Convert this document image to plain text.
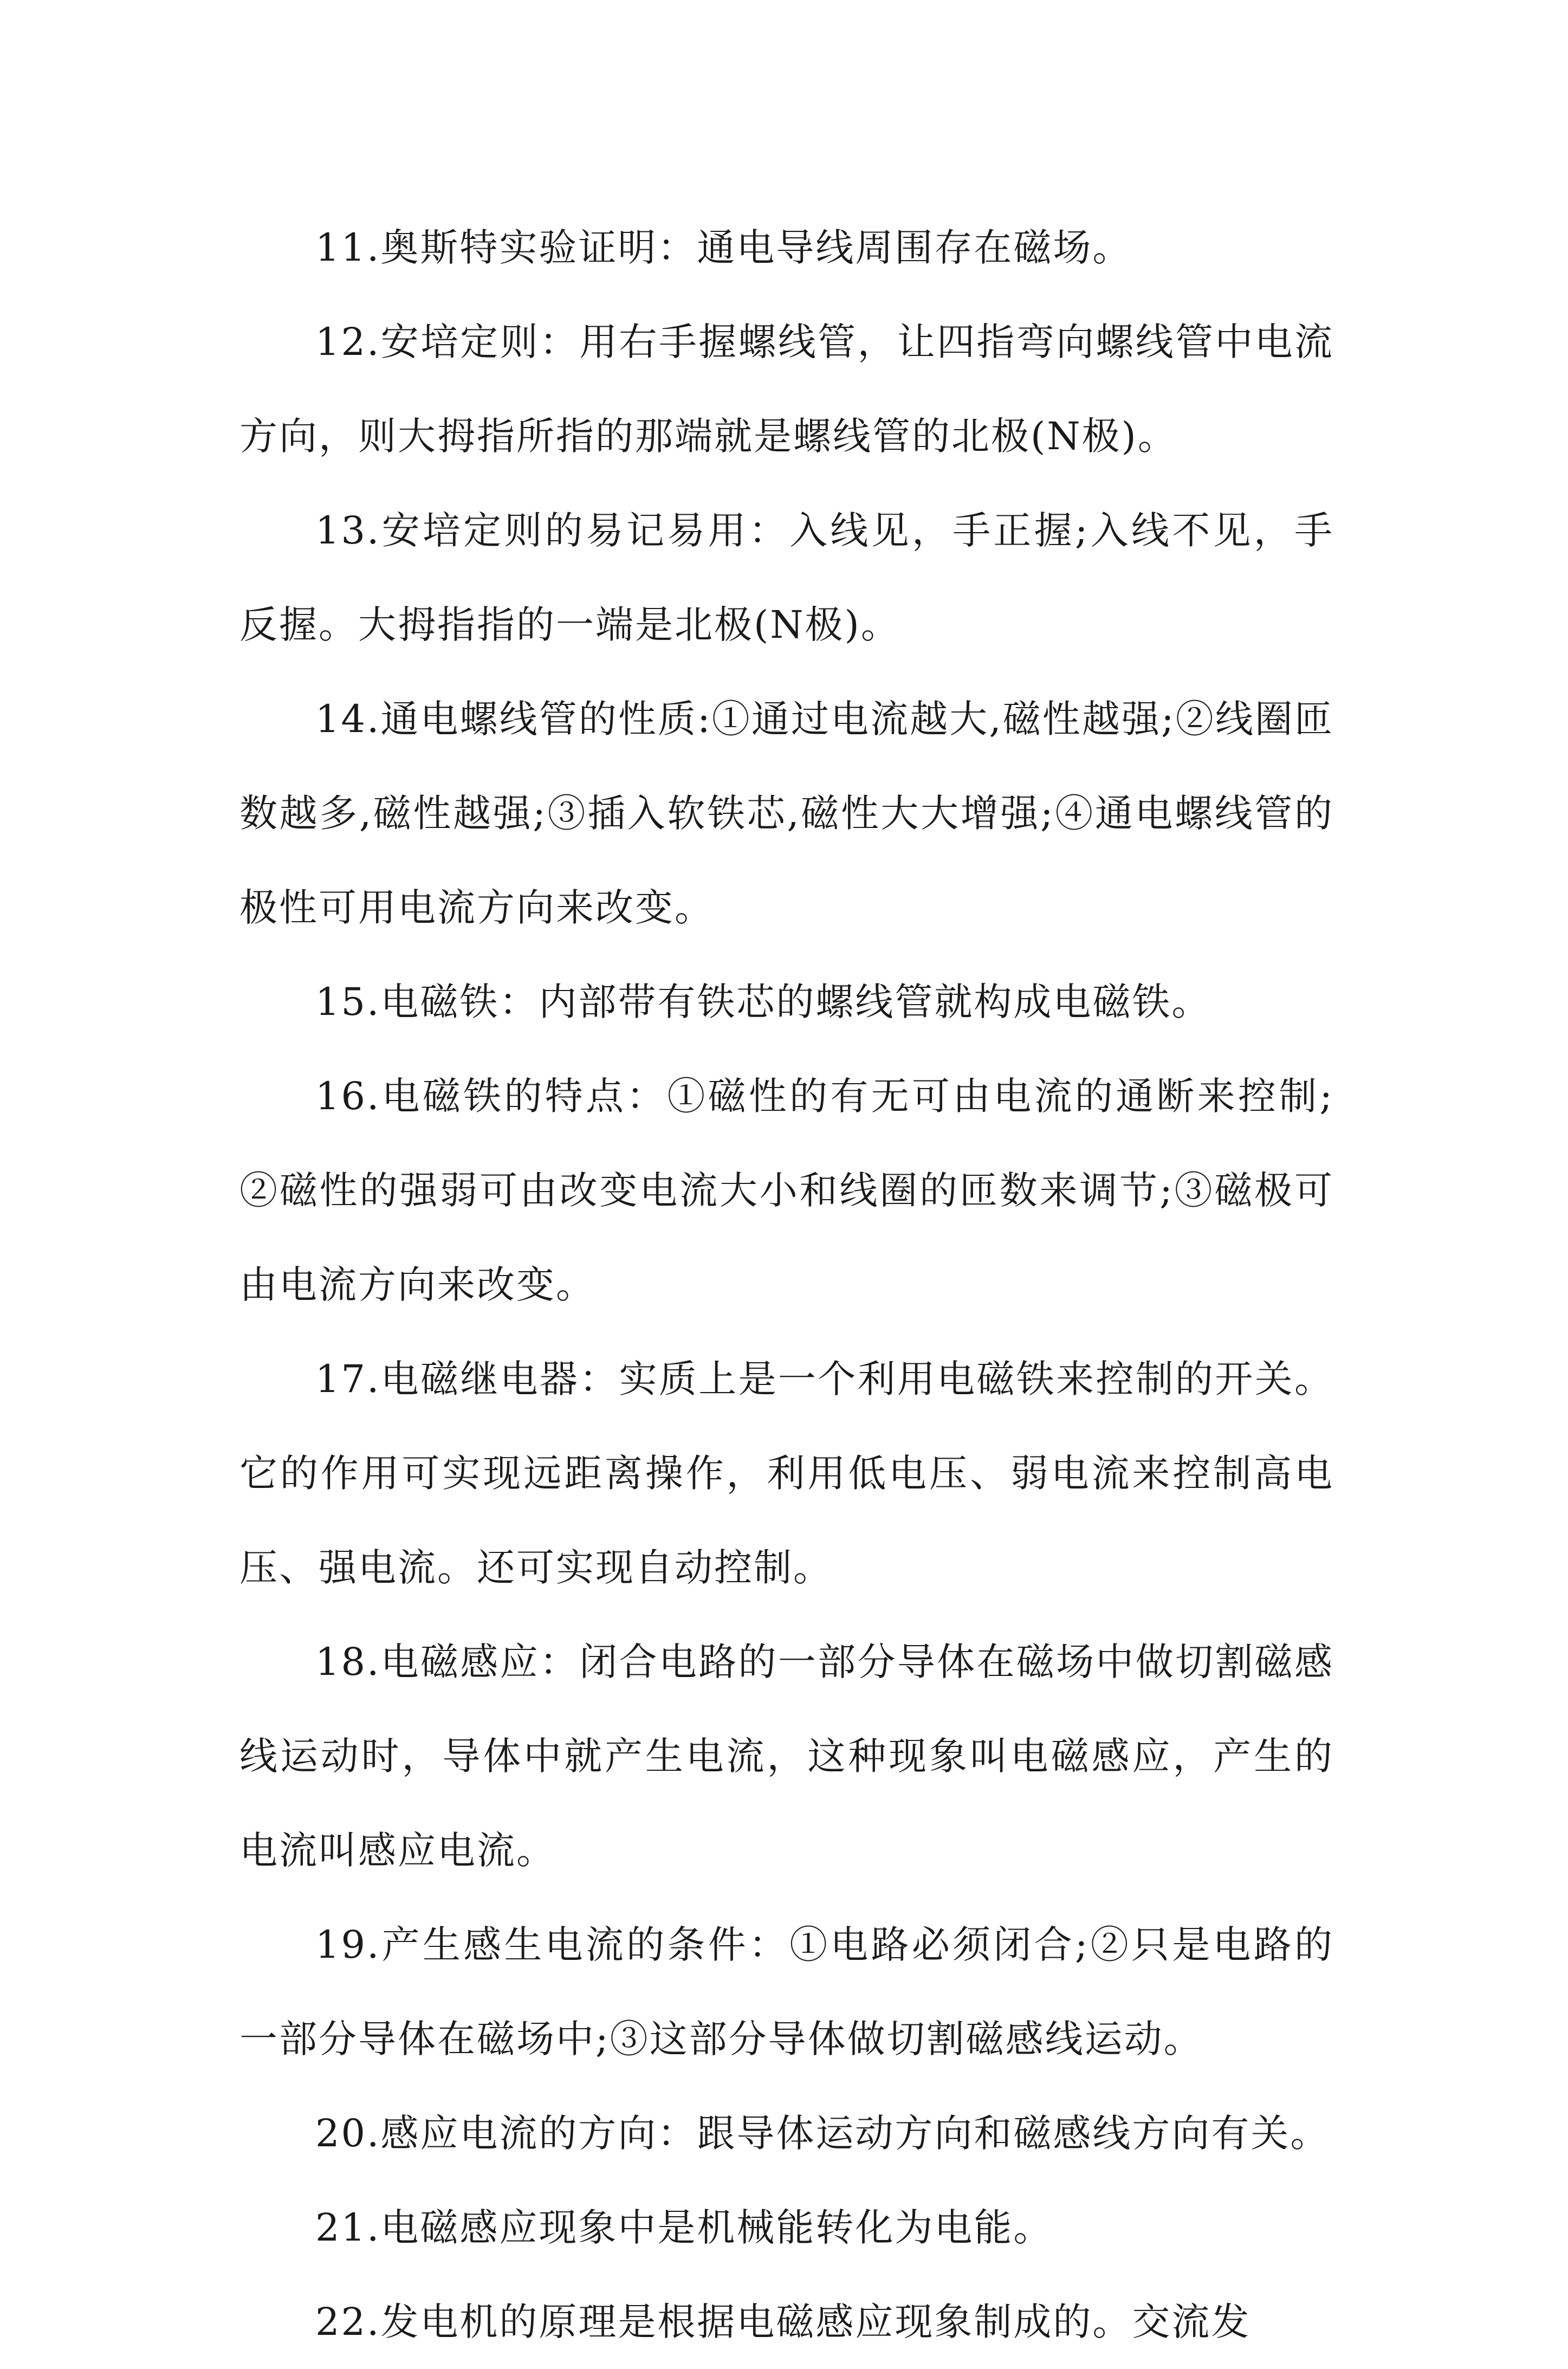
11.奥斯特实验证明：通电导线周围存在磁场。

12.安培定则：用右手握螺线管，让四指弯向螺线管中电流方向，则大拇指所指的那端就是螺线管的北极(N极)。

13.安培定则的易记易用：入线见，手正握;入线不见，手反握。大拇指指的一端是北极(N极)。

14.通电螺线管的性质:①通过电流越大,磁性越强;②线圈匝数越多,磁性越强;③插入软铁芯,磁性大大增强;④通电螺线管的极性可用电流方向来改变。

15.电磁铁：内部带有铁芯的螺线管就构成电磁铁。

16.电磁铁的特点：①磁性的有无可由电流的通断来控制;②磁性的强弱可由改变电流大小和线圈的匝数来调节;③磁极可由电流方向来改变。

17.电磁继电器：实质上是一个利用电磁铁来控制的开关。它的作用可实现远距离操作，利用低电压、弱电流来控制高电压、强电流。还可实现自动控制。

18.电磁感应：闭合电路的一部分导体在磁场中做切割磁感线运动时，导体中就产生电流，这种现象叫电磁感应，产生的电流叫感应电流。

19.产生感生电流的条件：①电路必须闭合;②只是电路的一部分导体在磁场中;③这部分导体做切割磁感线运动。

20.感应电流的方向：跟导体运动方向和磁感线方向有关。

21.电磁感应现象中是机械能转化为电能。

22.发电机的原理是根据电磁感应现象制成的。交流发
